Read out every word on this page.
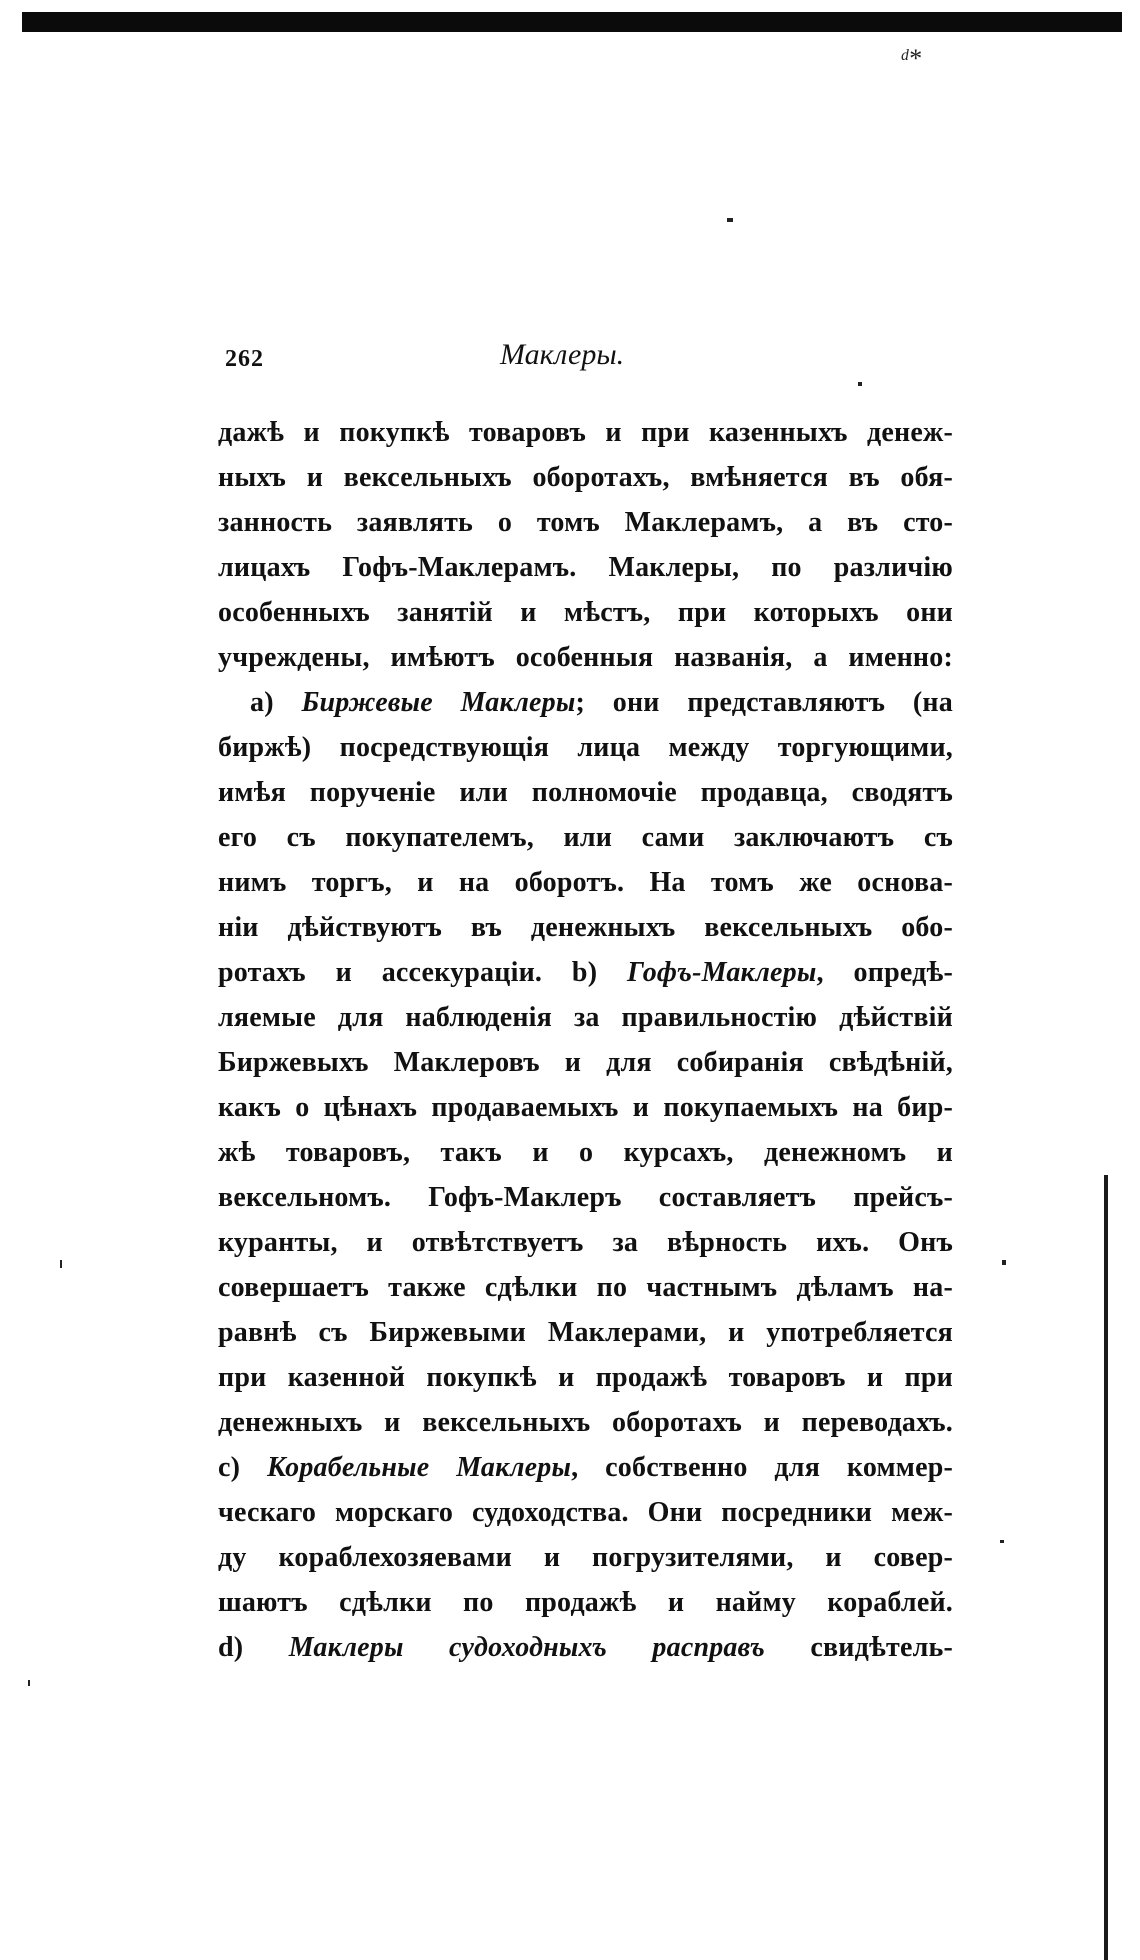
ᵈ*
262	Маклеры.
дажѣ и покупкѣ товаровъ и при казенныхъ денеж-
ныхъ и вексельныхъ оборотахъ, вмѣняется въ обя-
занность заявлять о томъ Маклерамъ, а въ сто-
лицахъ Гофъ-Маклерамъ. Маклеры, по различію
особенныхъ занятій и мѣстъ, при которыхъ они
учреждены, имѣютъ особенныя названія, а именно:
а) Биржевые Маклеры; они представляютъ (на
биржѣ) посредствующія лица между торгующими,
имѣя порученіе или полномочіе продавца, сводятъ
его съ покупателемъ, или сами заключаютъ съ
нимъ торгъ, и на оборотъ. На томъ же основа-
ніи дѣйствуютъ въ денежныхъ вексельныхъ обо-
ротахъ и ассекураціи. b) Гофъ-Маклеры, опредѣ-
ляемые для наблюденія за правильностію дѣйствій
Биржевыхъ Маклеровъ и для собиранія свѣдѣній,
какъ о цѣнахъ продаваемыхъ и покупаемыхъ на бир-
жѣ товаровъ, такъ и о курсахъ, денежномъ и
вексельномъ. Гофъ-Маклеръ составляетъ прейсъ-
куранты, и отвѣтствуетъ за вѣрность ихъ. Онъ
совершаетъ также сдѣлки по частнымъ дѣламъ на-
равнѣ съ Биржевыми Маклерами, и употребляется
при казенной покупкѣ и продажѣ товаровъ и при
денежныхъ и вексельныхъ оборотахъ и переводахъ.
с) Корабельные Маклеры, собственно для коммер-
ческаго морскаго судоходства. Они посредники меж-
ду кораблехозяевами и погрузителями, и совер-
шаютъ сдѣлки по продажѣ и найму кораблей.
d) Маклеры судоходныхъ расправъ свидѣтель-
